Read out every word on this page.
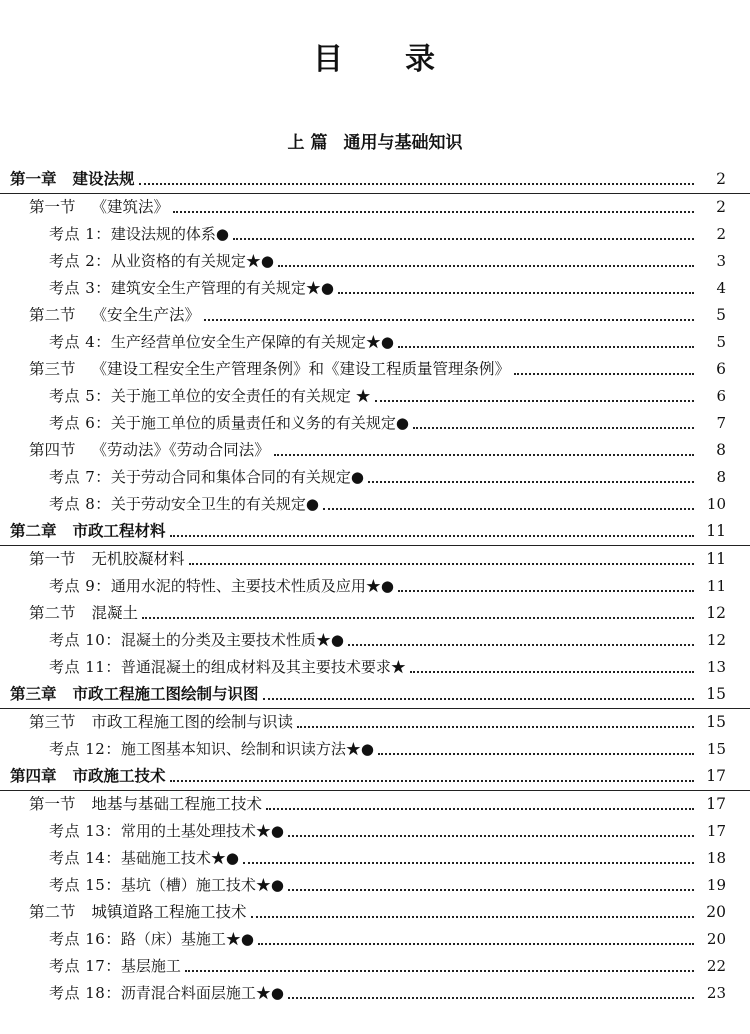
目 录
上 篇 通用与基础知识
第一章 建设法规	2
第一节 《建筑法》	2
考点 1：建设法规的体系●	2
考点 2：从业资格的有关规定★●	3
考点 3：建筑安全生产管理的有关规定★●	4
第二节 《安全生产法》	5
考点 4：生产经营单位安全生产保障的有关规定★●	5
第三节 《建设工程安全生产管理条例》和《建设工程质量管理条例》	6
考点 5：关于施工单位的安全责任的有关规定 ★	6
考点 6：关于施工单位的质量责任和义务的有关规定●	7
第四节 《劳动法》《劳动合同法》	8
考点 7：关于劳动合同和集体合同的有关规定●	8
考点 8：关于劳动安全卫生的有关规定●	10
第二章 市政工程材料	11
第一节 无机胶凝材料	11
考点 9：通用水泥的特性、主要技术性质及应用★●	11
第二节 混凝土	12
考点 10：混凝土的分类及主要技术性质★●	12
考点 11：普通混凝土的组成材料及其主要技术要求★	13
第三章 市政工程施工图绘制与识图	15
第三节 市政工程施工图的绘制与识读	15
考点 12：施工图基本知识、绘制和识读方法★●	15
第四章 市政施工技术	17
第一节 地基与基础工程施工技术	17
考点 13：常用的土基处理技术★●	17
考点 14：基础施工技术★●	18
考点 15：基坑（槽）施工技术★●	19
第二节 城镇道路工程施工技术	20
考点 16：路（床）基施工★●	20
考点 17：基层施工	22
考点 18：沥青混合料面层施工★●	23
